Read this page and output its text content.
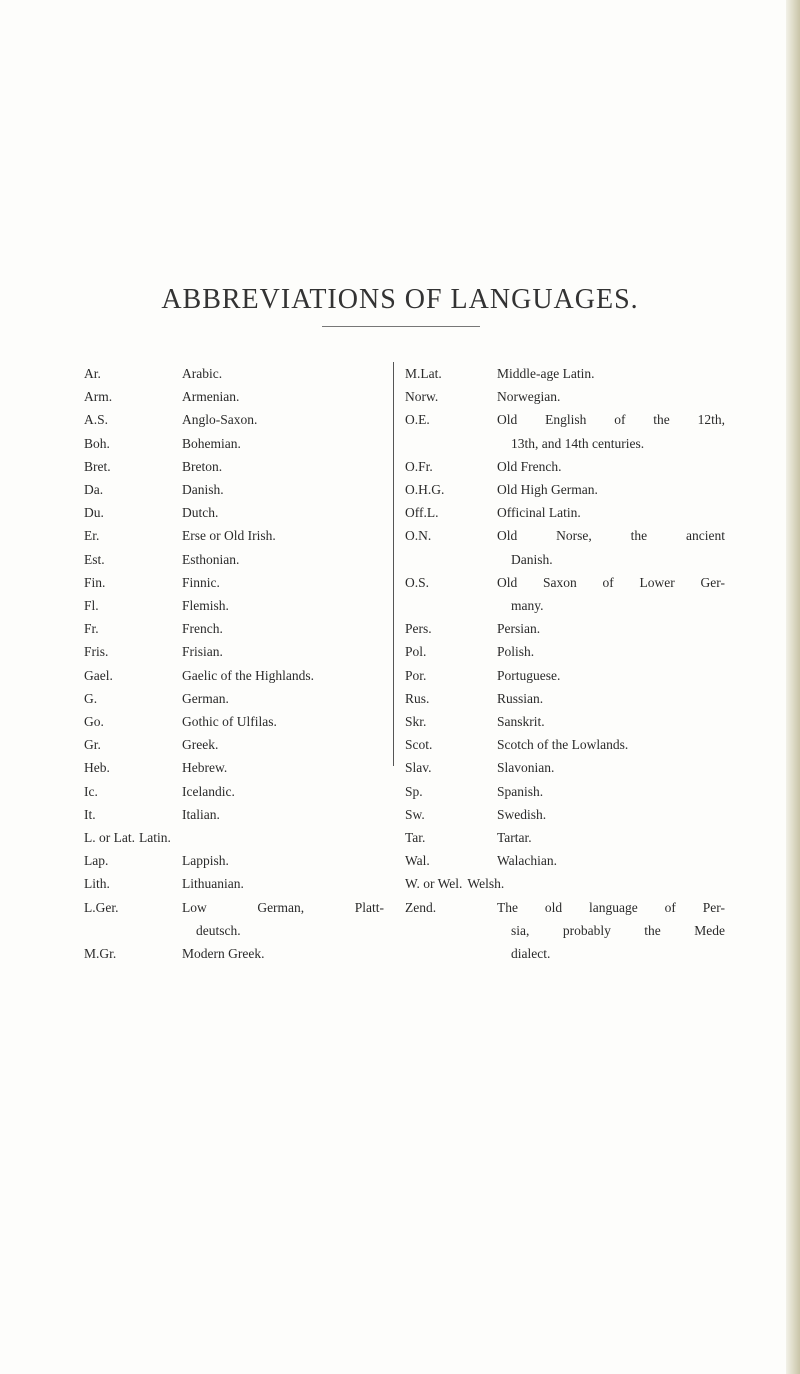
ABBREVIATIONS OF LANGUAGES.
Ar.	Arabic.
Arm.	Armenian.
A.S.	Anglo-Saxon.
Boh.	Bohemian.
Bret.	Breton.
Da.	Danish.
Du.	Dutch.
Er.	Erse or Old Irish.
Est.	Esthonian.
Fin.	Finnic.
Fl.	Flemish.
Fr.	French.
Fris.	Frisian.
Gael.	Gaelic of the Highlands.
G.	German.
Go.	Gothic of Ulfilas.
Gr.	Greek.
Heb.	Hebrew.
Ic.	Icelandic.
It.	Italian.
L. or Lat. Latin.
Lap.	Lappish.
Lith.	Lithuanian.
L.Ger.	Low German, Platt-
deutsch.
M.Gr.	Modern Greek.
M.Lat.	Middle-age Latin.
Norw.	Norwegian.
O.E.	Old English of the 12th,
13th, and 14th centuries.
O.Fr.	Old French.
O.H.G.	Old High German.
Off.L.	Officinal Latin.
O.N.	Old Norse, the ancient
Danish.
O.S.	Old Saxon of Lower Ger-
many.
Pers.	Persian.
Pol.	Polish.
Por.	Portuguese.
Rus.	Russian.
Skr.	Sanskrit.
Scot.	Scotch of the Lowlands.
Slav.	Slavonian.
Sp.	Spanish.
Sw.	Swedish.
Tar.	Tartar.
Wal.	Walachian.
W. or Wel. Welsh.
Zend.	The old language of Per-
sia, probably the Mede
dialect.
